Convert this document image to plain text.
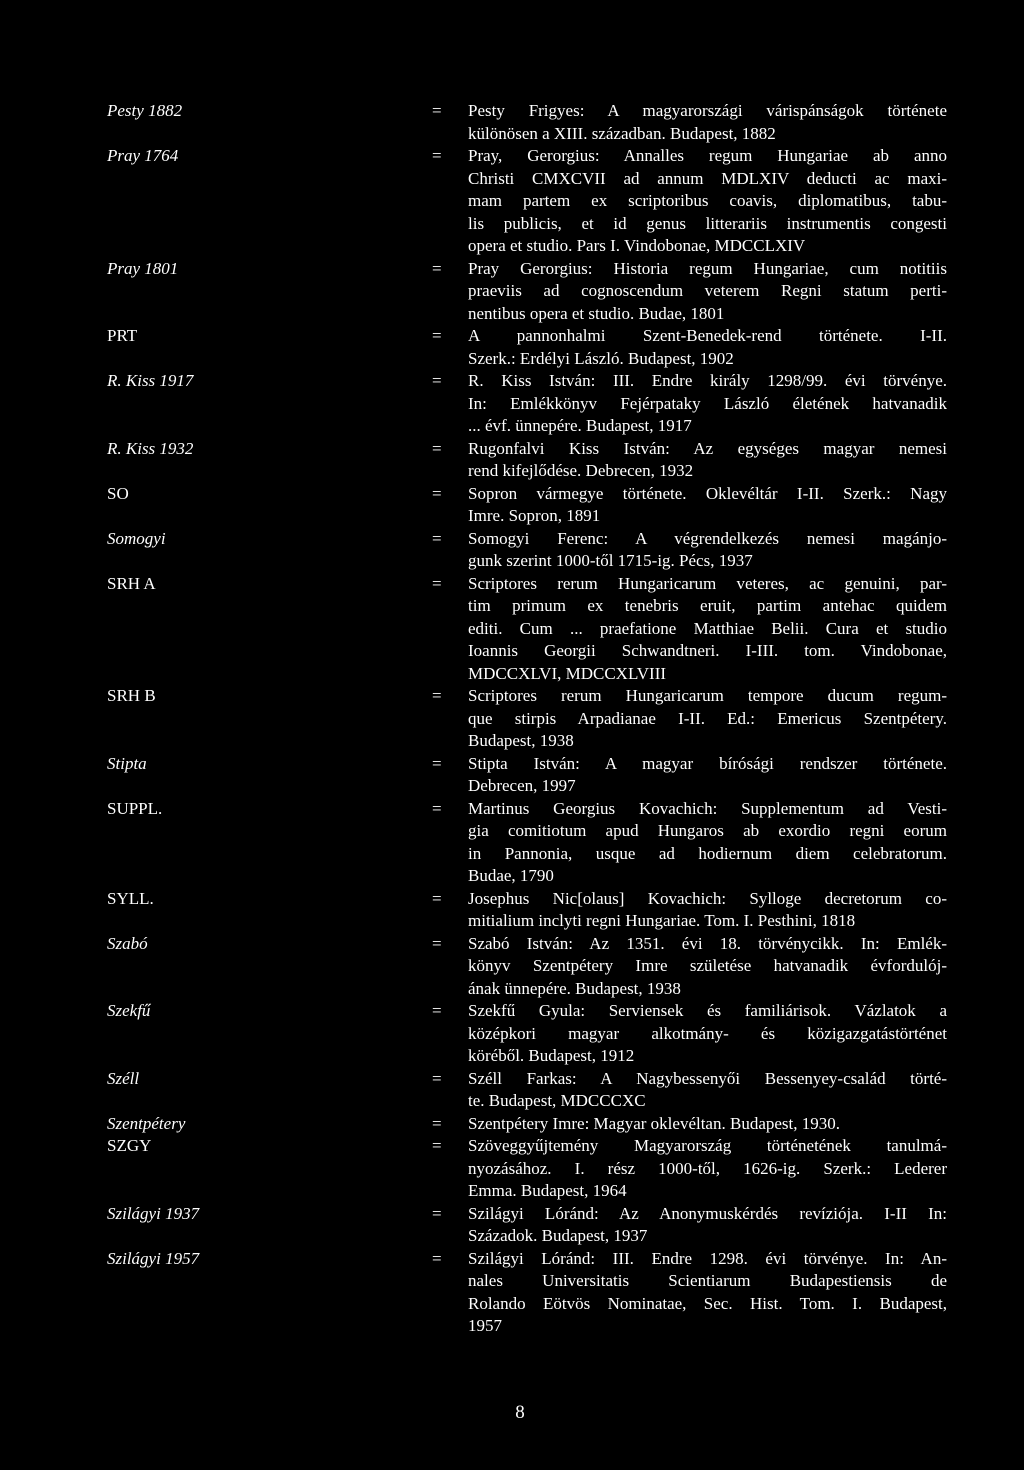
Pesty 1882	=	Pesty Frigyes: A magyarországi várispánságok története
különösen a XIII. században. Budapest, 1882
Pray 1764	=	Pray, Gerorgius: Annalles regum Hungariae ab anno
Christi CMXCVII ad annum MDLXIV deducti ac maxi-
mam partem ex scriptoribus coavis, diplomatibus, tabu-
lis publicis, et id genus litterariis instrumentis congesti
opera et studio. Pars I. Vindobonae, MDCCLXIV
Pray 1801	=	Pray Gerorgius: Historia regum Hungariae, cum notitiis
praeviis ad cognoscendum veterem Regni statum perti-
nentibus opera et studio. Budae, 1801
PRT	=	A pannonhalmi Szent-Benedek-rend története. I-II.
Szerk.: Erdélyi László. Budapest, 1902
R. Kiss 1917	=	R. Kiss István: III. Endre király 1298/99. évi törvénye.
In: Emlékkönyv Fejérpataky László életének hatvanadik
... évf. ünnepére. Budapest, 1917
R. Kiss 1932	=	Rugonfalvi Kiss István: Az egységes magyar nemesi
rend kifejlődése. Debrecen, 1932
SO	=	Sopron vármegye története. Oklevéltár I-II. Szerk.: Nagy
Imre. Sopron, 1891
Somogyi	=	Somogyi Ferenc: A végrendelkezés nemesi magánjo-
gunk szerint 1000-től 1715-ig. Pécs, 1937
SRH A	=	Scriptores rerum Hungaricarum veteres, ac genuini, par-
tim primum ex tenebris eruit, partim antehac quidem
editi. Cum ... praefatione Matthiae Belii. Cura et studio
Ioannis Georgii Schwandtneri. I-III. tom. Vindobonae,
MDCCXLVI, MDCCXLVIII
SRH B	=	Scriptores rerum Hungaricarum tempore ducum regum-
que stirpis Arpadianae I-II. Ed.: Emericus Szentpétery.
Budapest, 1938
Stipta	=	Stipta István: A magyar bírósági rendszer története.
Debrecen, 1997
SUPPL.	=	Martinus Georgius Kovachich: Supplementum ad Vesti-
gia comitiotum apud Hungaros ab exordio regni eorum
in Pannonia, usque ad hodiernum diem celebratorum.
Budae, 1790
SYLL.	=	Josephus Nic[olaus] Kovachich: Sylloge decretorum co-
mitialium inclyti regni Hungariae. Tom. I. Pesthini, 1818
Szabó	=	Szabó István: Az 1351. évi 18. törvénycikk. In: Emlék-
könyv Szentpétery Imre születése hatvanadik évfordulój-
ának ünnepére. Budapest, 1938
Szekfű	=	Szekfű Gyula: Serviensek és familiárisok. Vázlatok a
középkori magyar alkotmány- és közigazgatástörténet
köréből. Budapest, 1912
Széll	=	Széll Farkas: A Nagybessenyői Bessenyey-család törté-
te. Budapest, MDCCCXC
Szentpétery	=	Szentpétery Imre: Magyar oklevéltan. Budapest, 1930.
SZGY	=	Szöveggyűjtemény Magyarország történetének tanulmá-
nyozásához. I. rész 1000-től, 1626-ig. Szerk.: Lederer
Emma. Budapest, 1964
Szilágyi 1937	=	Szilágyi Lóránd: Az Anonymuskérdés revíziója. I-II In:
Századok. Budapest, 1937
Szilágyi 1957	=	Szilágyi Lóránd: III. Endre 1298. évi törvénye. In: An-
nales Universitatis Scientiarum Budapestiensis de
Rolando Eötvös Nominatae, Sec. Hist. Tom. I. Budapest,
1957
8
